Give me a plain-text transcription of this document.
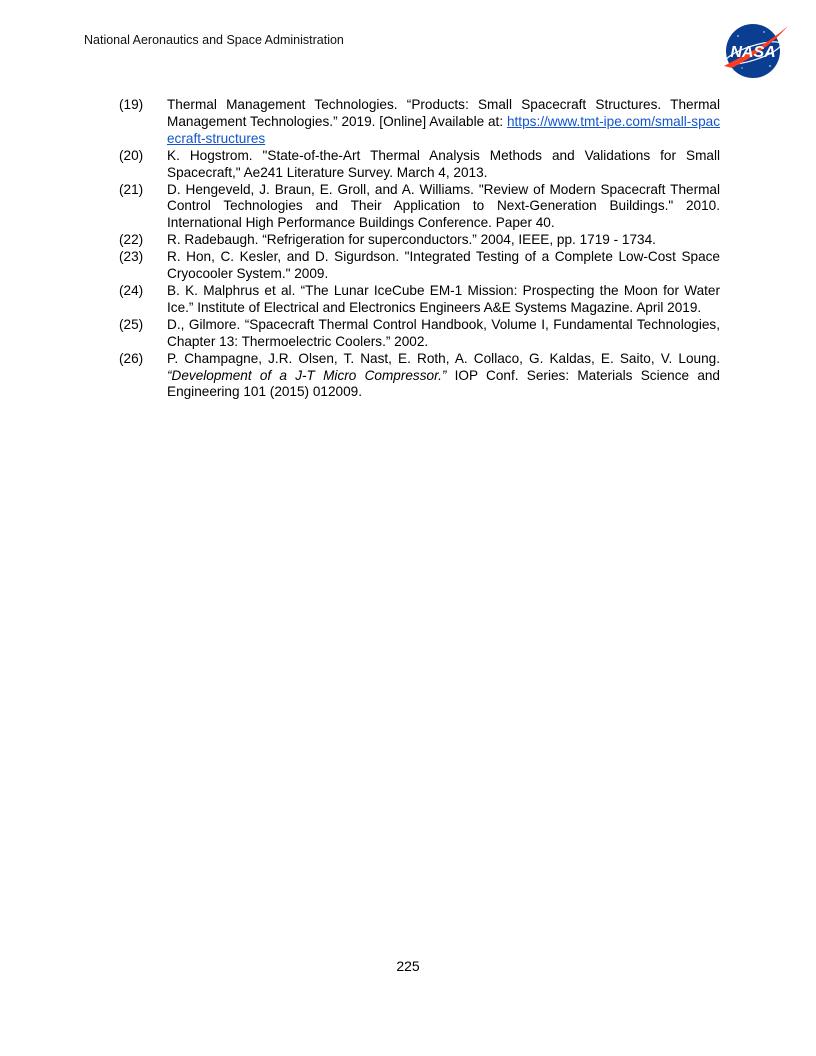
National Aeronautics and Space Administration
NASA
(19)	Thermal Management Technologies. “Products: Small Spacecraft Structures. Thermal Management Technologies.” 2019. [Online] Available at: https://www.tmt-ipe.com/small-spacecraft-structures
(20)	K. Hogstrom. "State-of-the-Art Thermal Analysis Methods and Validations for Small Spacecraft," Ae241 Literature Survey. March 4, 2013.
(21)	D. Hengeveld, J. Braun, E. Groll, and A. Williams. "Review of Modern Spacecraft Thermal Control Technologies and Their Application to Next-Generation Buildings." 2010. International High Performance Buildings Conference. Paper 40.
(22)	R. Radebaugh. “Refrigeration for superconductors.” 2004, IEEE, pp. 1719 - 1734.
(23)	R. Hon, C. Kesler, and D. Sigurdson. "Integrated Testing of a Complete Low-Cost Space Cryocooler System." 2009.
(24)	B. K. Malphrus et al. “The Lunar IceCube EM-1 Mission: Prospecting the Moon for Water Ice.” Institute of Electrical and Electronics Engineers A&E Systems Magazine. April 2019.
(25)	D., Gilmore. “Spacecraft Thermal Control Handbook, Volume I, Fundamental Technologies, Chapter 13: Thermoelectric Coolers.” 2002.
(26)	P. Champagne, J.R. Olsen, T. Nast, E. Roth, A. Collaco, G. Kaldas, E. Saito, V. Loung. “Development of a J-T Micro Compressor.” IOP Conf. Series: Materials Science and Engineering 101 (2015) 012009.
225
